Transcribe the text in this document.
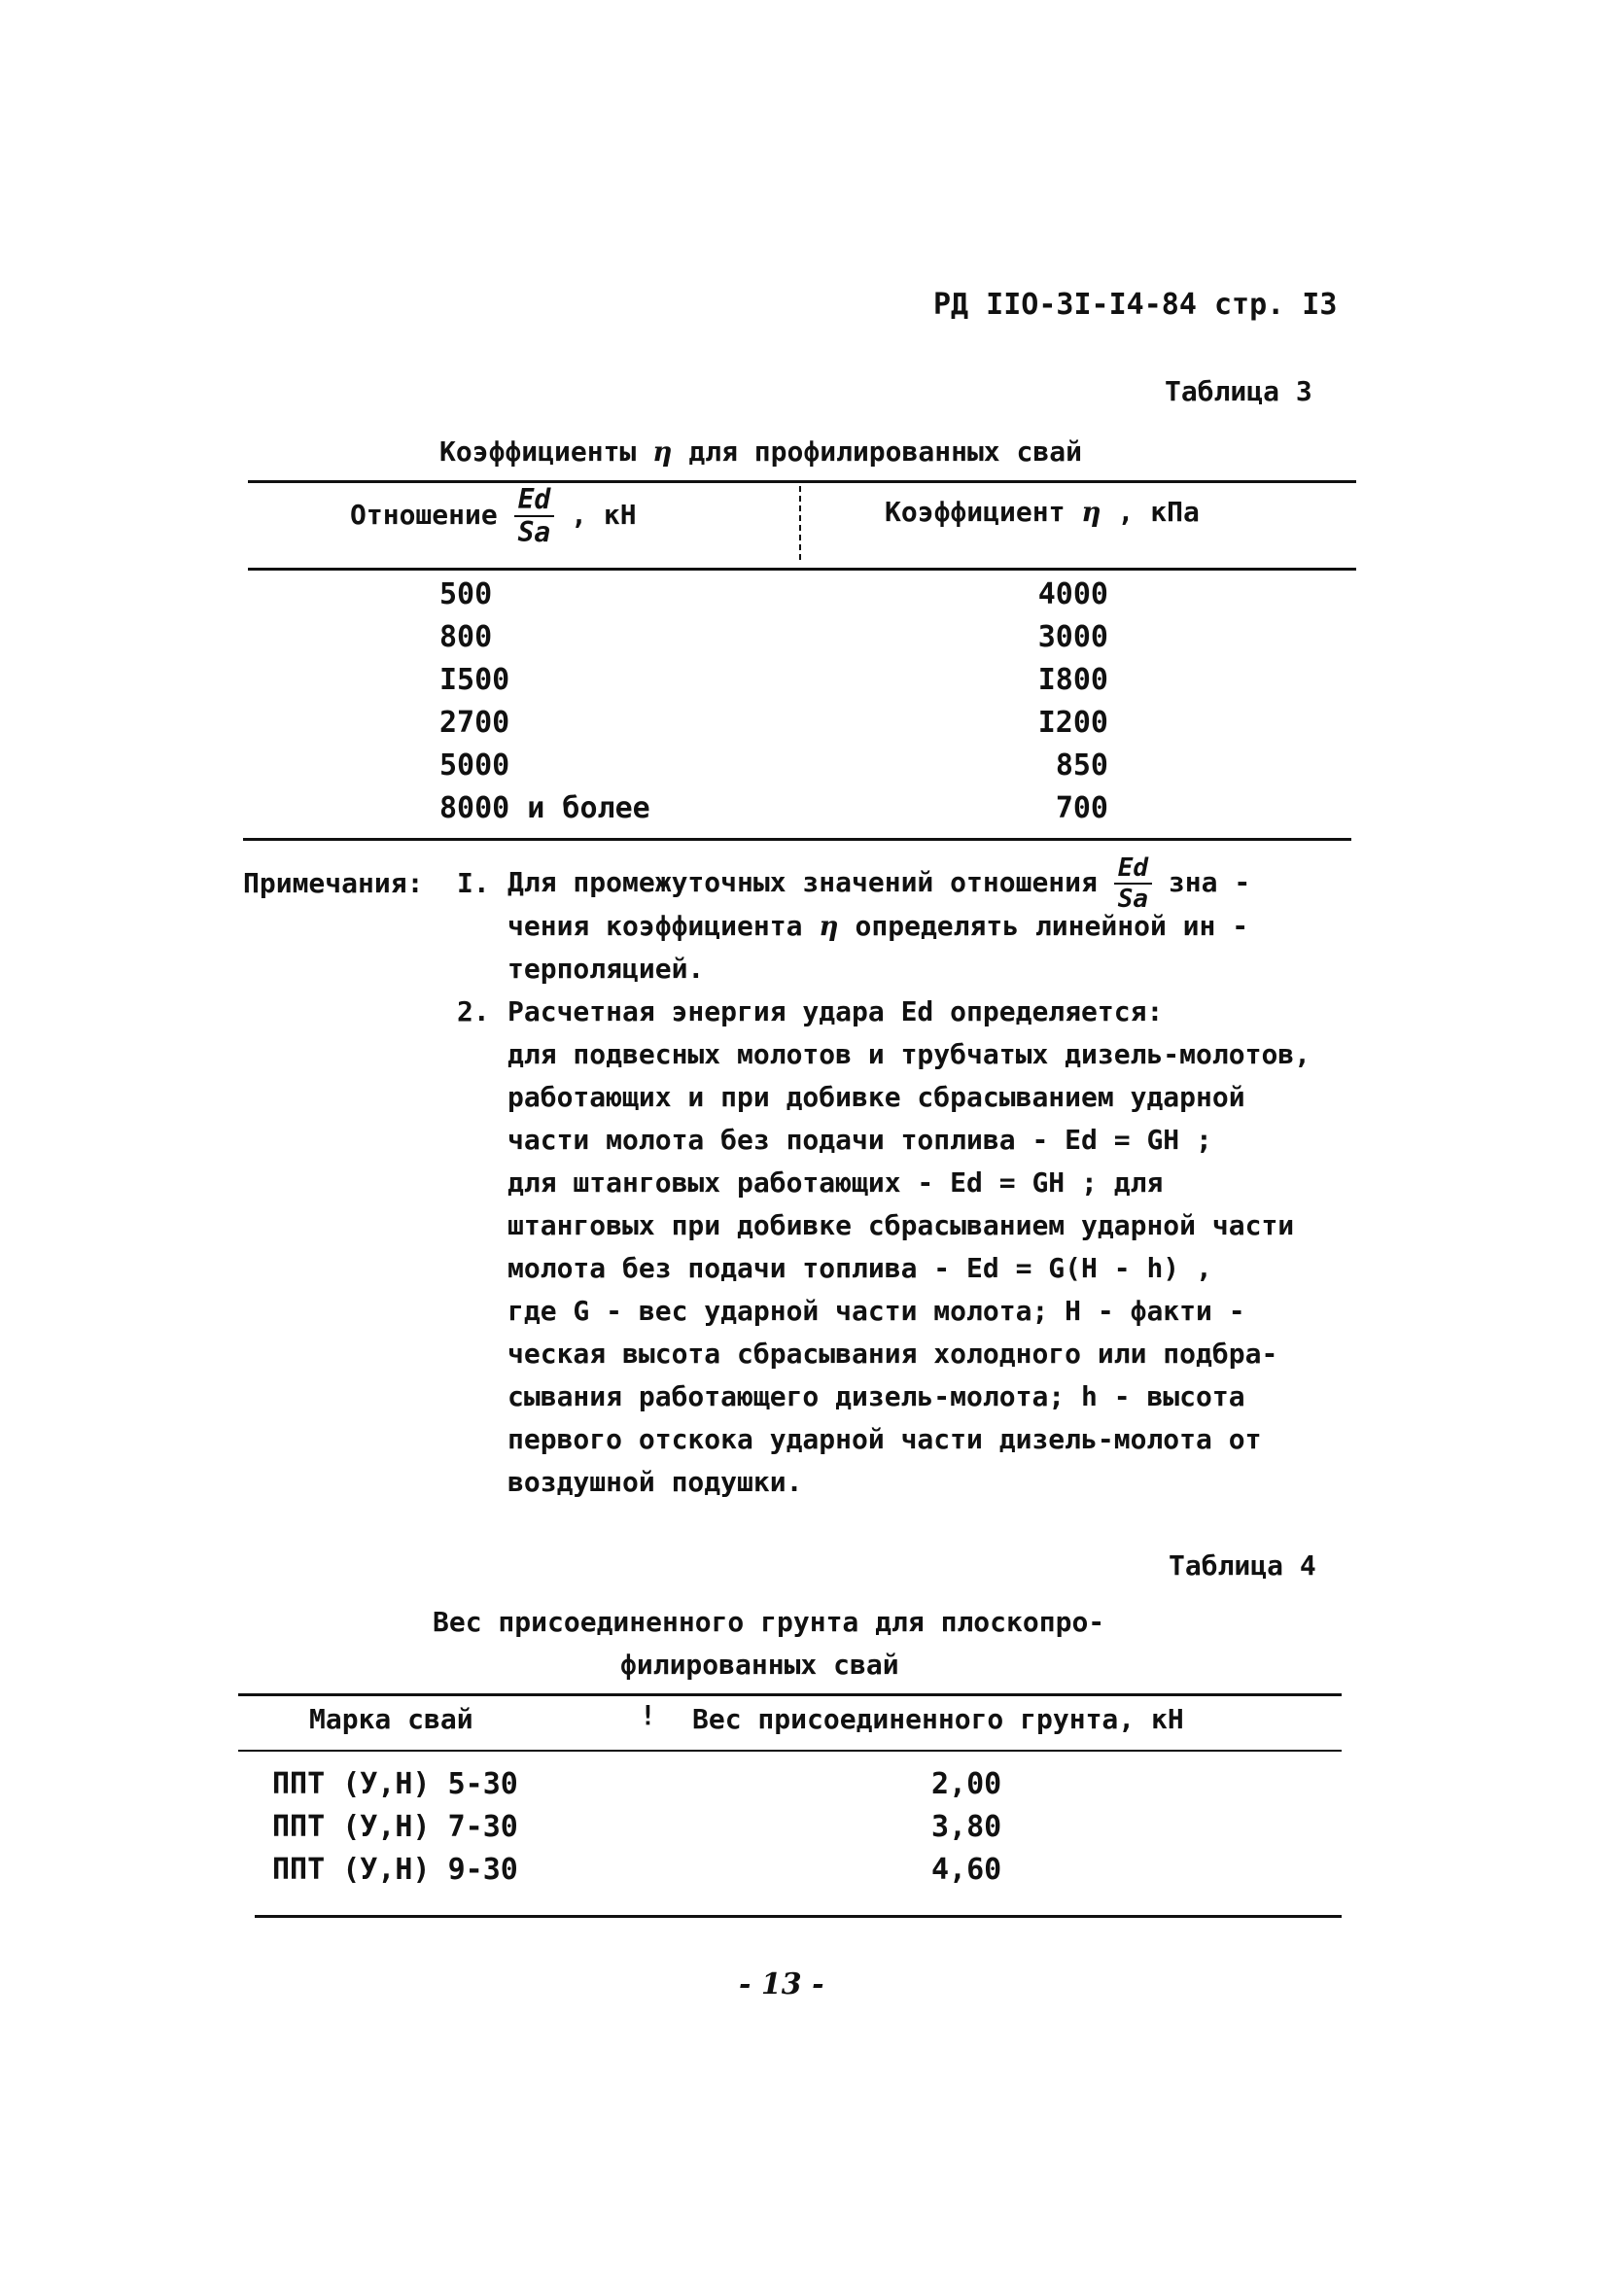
РД IIO-3I-I4-84 стр. I3
Таблица 3
Коэффициенты η для профилированных свай
Отношение $\frac{Ed}{Sa}$ , кН	Коэффициент η , кПа
500	4000
800	3000
I500	I800
2700	I200
5000	850
8000 и более	700
Примечания: I. Для промежуточных значений отношения $\frac{Ed}{Sa}$ зна -
чения коэффициента η определять линейной ин -
терполяцией.
2. Расчетная энергия удара Ed определяется:
для подвесных молотов и трубчатых дизель-молотов,
работающих и при добивке сбрасыванием ударной
части молота без подачи топлива - Ed = GH ;
для штанговых работающих - Ed = GH ; для
штанговых при добивке сбрасыванием ударной части
молота без подачи топлива - Ed = G(H - h) ,
где G - вес ударной части молота; H - факти -
ческая высота сбрасывания холодного или подбра-
сывания работающего дизель-молота; h - высота
первого отскока ударной части дизель-молота от
воздушной подушки.
Таблица 4
Вес присоединенного грунта для плоскопро-
филированных свай
Марка свай	! Вес присоединенного грунта, кН
ППТ (У,Н) 5-30	2,00
ППТ (У,Н) 7-30	3,80
ППТ (У,Н) 9-30	4,60
- 13 -
